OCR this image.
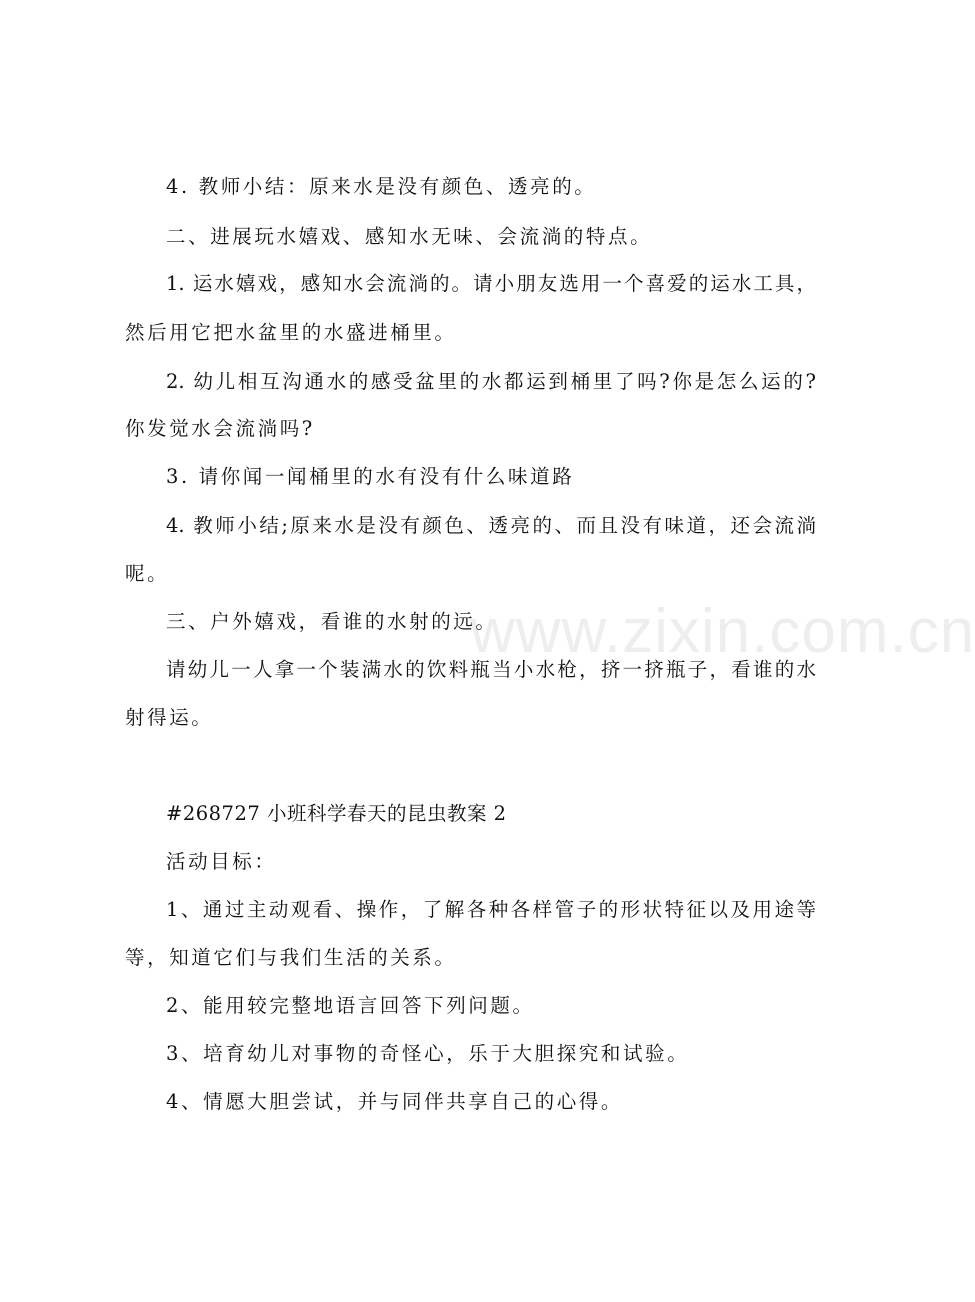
www.zixin.com.cn
4. 教师小结：原来水是没有颜色、透亮的。
二、进展玩水嬉戏、感知水无味、会流淌的特点。
1. 运水嬉戏，感知水会流淌的。请小朋友选用一个喜爱的运水工具，
然后用它把水盆里的水盛进桶里。
2. 幼儿相互沟通水的感受盆里的水都运到桶里了吗?你是怎么运的?
你发觉水会流淌吗?
3. 请你闻一闻桶里的水有没有什么味道路
4. 教师小结;原来水是没有颜色、透亮的、而且没有味道，还会流淌
呢。
三、户外嬉戏，看谁的水射的远。
请幼儿一人拿一个装满水的饮料瓶当小水枪，挤一挤瓶子，看谁的水
射得运。
#268727 小班科学春天的昆虫教案 2
活动目标：
1、通过主动观看、操作，了解各种各样管子的形状特征以及用途等
等，知道它们与我们生活的关系。
2、能用较完整地语言回答下列问题。
3、培育幼儿对事物的奇怪心，乐于大胆探究和试验。
4、情愿大胆尝试，并与同伴共享自己的心得。
